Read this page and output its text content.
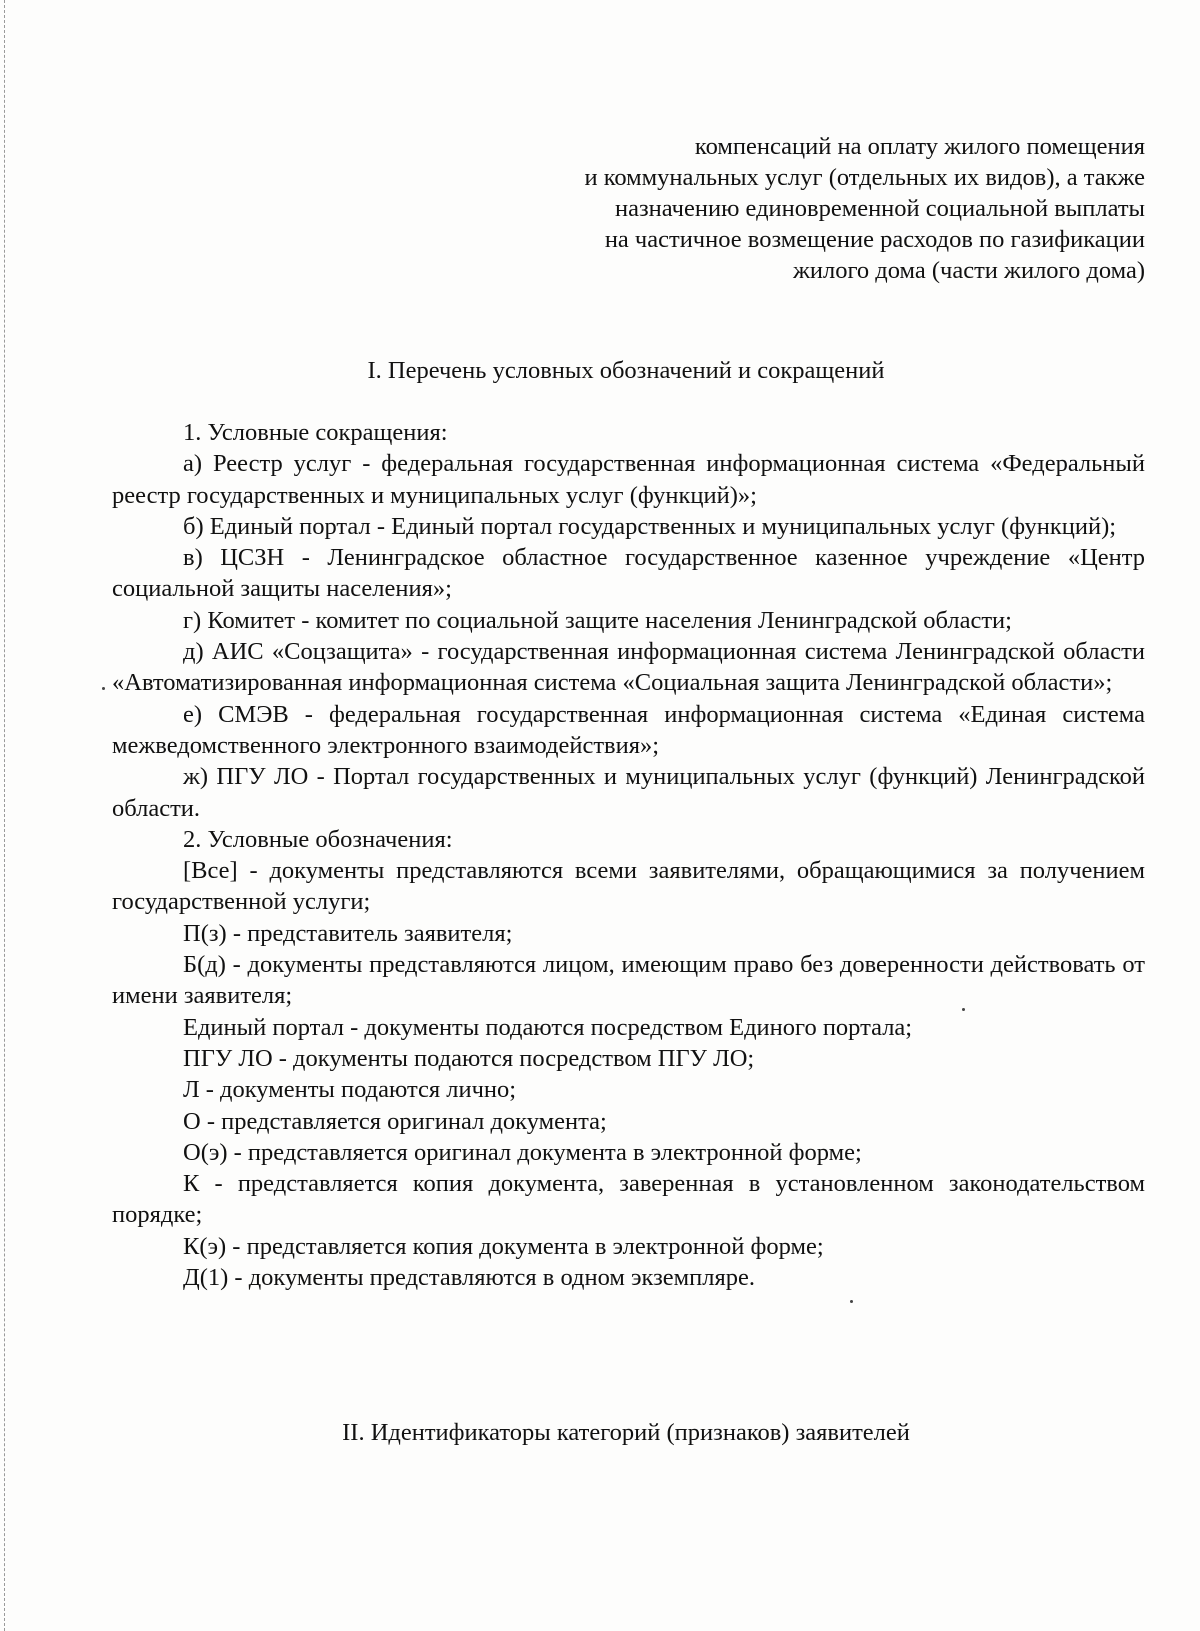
компенсаций на оплату жилого помещения
и коммунальных услуг (отдельных их видов), а также
назначению единовременной социальной выплаты
на частичное возмещение расходов по газификации
жилого дома (части жилого дома)
I. Перечень условных обозначений и сокращений

1. Условные сокращения:

а) Реестр услуг - федеральная государственная информационная система «Федеральный реестр государственных и муниципальных услуг (функций)»;

б) Единый портал - Единый портал государственных и муниципальных услуг (функций);

в) ЦСЗН - Ленинградское областное государственное казенное учреждение «Центр социальной защиты населения»;

г) Комитет - комитет по социальной защите населения Ленинградской области;

д) АИС «Соцзащита» - государственная информационная система Ленинградской области «Автоматизированная информационная система «Социальная защита Ленинградской области»;

е) СМЭВ - федеральная государственная информационная система «Единая система межведомственного электронного взаимодействия»;

ж) ПГУ ЛО - Портал государственных и муниципальных услуг (функций) Ленинградской области.

2. Условные обозначения:

[Все] - документы представляются всеми заявителями, обращающимися за получением государственной услуги;

П(з) - представитель заявителя;

Б(д) - документы представляются лицом, имеющим право без доверенности действовать от имени заявителя;

Единый портал - документы подаются посредством Единого портала;

ПГУ ЛО - документы подаются посредством ПГУ ЛО;

Л - документы подаются лично;

О - представляется оригинал документа;

О(э) - представляется оригинал документа в электронной форме;

К - представляется копия документа, заверенная в установленном законодательством порядке;

К(э) - представляется копия документа в электронной форме;

Д(1) - документы представляются в одном экземпляре.

II. Идентификаторы категорий (признаков) заявителей
